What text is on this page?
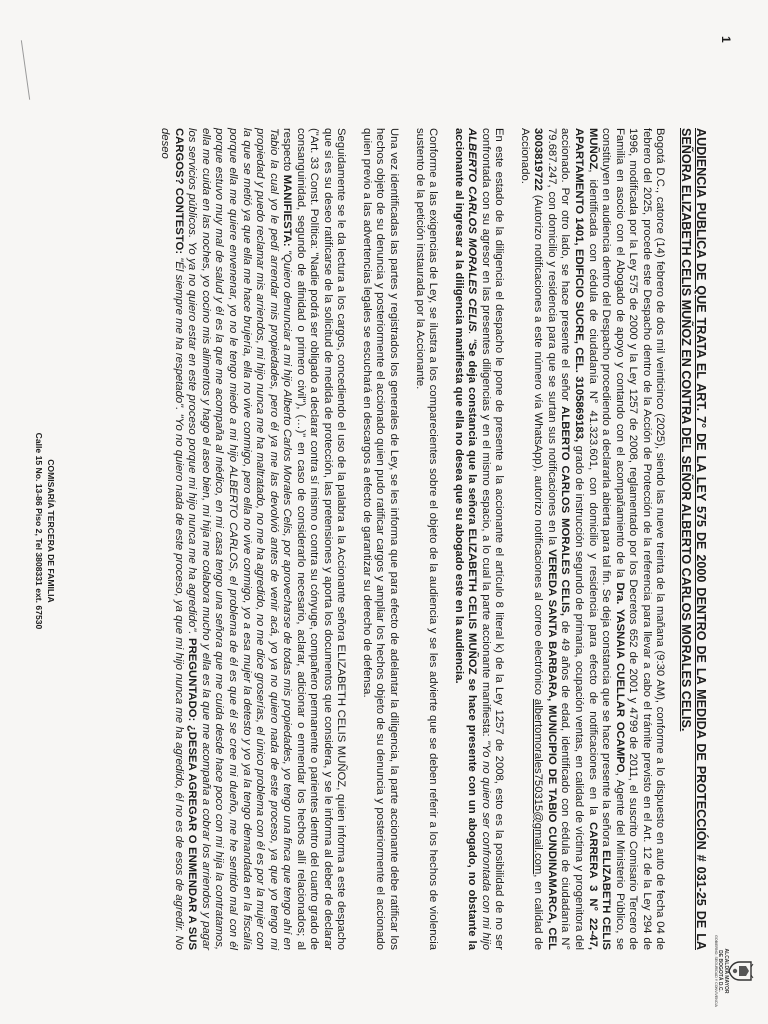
1
ALCALDÍA MAYOR
DE BOGOTÁ D.C.
GOBIERNO, SEGURIDAD Y CONVIVENCIA
AUDIENCIA PUBLICA DE QUE TRATA EL ART. 7° DE LA LEY 575 DE 2000 DENTRO DE LA MEDIDA DE PROTECCIÓN # 031-25 DE LA SEÑORA ELIZABETH CELIS MUÑOZ EN CONTRA DEL SEÑOR ALBERTO CARLOS MORALES CELIS.

Bogotá D.C., catorce (14) febrero de dos mil veinticinco (2025), siendo las nueve treinta de la mañana (9:30 AM), conforme a lo dispuesto en auto de fecha 04 de febrero del 2025, procede este Despacho dentro de la Acción de Protección de la referencia para llevar a cabo el trámite previsto en el Art. 12 de la Ley 294 de 1996, modificada por la Ley 575 de 2000 y la Ley 1257 de 2008, reglamentado por los Decretos 652 de 2001 y 4799 de 2011, el suscrito Comisario Tercero de Familia en asocio con el Abogado de apoyo y contando con el acompañamiento de la Dra. YASNAIA CUELLAR OCAMPO, Agente del Ministerio Público, se constituyen en audiencia dentro del Despacho procediendo a declararla abierta para tal fin. Se deja constancia que se hace presente la señora ELIZABETH CELIS MUÑOZ, identificada con cédula de ciudadanía N° 41.323.601, con domicilio y residencia para efecto de notificaciones en la CARRERA 3 N° 22-47, APARTAMENTO 1401, EDIFICIO SUCRE, CEL. 3105869183, grado de instrucción segundo de primaria, ocupación ventas, en calidad de víctima y progenitora del accionado. Por otro lado, se hace presente el señor ALBERTO CARLOS MORALES CELIS, de 49 años de edad, identificado con cédula de ciudadanía N° 79.687.247, con domicilio y residencia para que se surtan sus notificaciones en la VEREDA SANTA BARBARA, MUNICIPIO DE TABIO CUNDINAMARCA, CEL 3003819722 (Autorizo notificaciones a este número vía WhatsApp), autorizo notificaciones al correo electrónico albertomorales750315@gmail.com, en calidad de Accionado.

En este estado de la diligencia el despacho le pone de presente a la accionante el artículo 8 literal k) de la Ley 1257 de 2008, esto es la posibilidad de no ser confrontada con su agresor en las presentes diligencias y en el mismo espacio, a lo cual la parte accionante manifiesta: "Yo no quiero ser confrontada con mi hijo ALBERTO CARLOS MORALES CELIS. "Se deja constancia que la señora ELIZABETH CELIS MUÑOZ se hace presente con un abogado, no obstante la accionante al ingresar a la diligencia manifiesta que ella no desea que su abogado este en la audiencia.

Conforme a las exigencias de Ley, se ilustra a los comparecientes sobre el objeto de la audiencia y se les advierte que se deben referir a los hechos de violencia sustento de la petición instaurada por la Accionante.

Una vez identificadas las partes y registrados los generales de Ley, se les informa que para efecto de adelantar la diligencia, la parte accionante debe ratificar los hechos objeto de su denuncia y posteriormente el accionado quien pudo ratificar cargos y ampliar los hechos objeto de su denuncia y posteriormente el accionado quien previo a las advertencias legales se escuchará en descargos a efecto de garantizar su derecho de defensa.

Seguidamente se le da lectura a los cargos, concediendo el uso de la palabra a la Accionante señora ELIZABETH CELIS MUÑOZ, quien informa a este despacho que si es su deseo ratificarse de la solicitud de medida de protección, las pretensiones y aporta los documentos que considera, y se le informa al deber de declarar ("Art. 33 Const. Política: "Nadie podrá ser obligado a declarar contra sí mismo o contra su cónyuge, compañero permanente o parientes dentro del cuarto grado de consanguinidad, segundo de afinidad o primero civil"), (…)" en caso de considerarlo necesario, aclarar, adicionar o enmendar los hechos allí relacionados; al respecto MANIFIESTA: "Quiero denunciar a mi hijo Alberto Carlos Morales Celis, por aprovecharse de todas mis propiedades, yo tengo una finca que tengo ahí en Tabio la cual yo le pedí arrendar mis propiedades, pero él ya me las devolvió antes de venir acá, yo ya no quiero nada de este proceso, ya que yo tengo mi propiedad y puedo reclamar mis arriendos, mi hijo nunca me ha maltratado, no me ha agredido, no me dice groserías, el único problema con él es por la mujer con la que se metió ya que ella me hace brujería, ella no vive conmigo, pero ella no vive conmigo, yo a esa mujer la detesto y yo ya la tengo demandada en la fiscalía porque ella me quiere envenenar, yo no le tengo miedo a mi hijo ALBERTO CARLOS, el problema de él es que él se cree mi dueño, me he sentido mal con él porque estuvo muy mal de salud y él es la que me acompaña al médico, en mi casa tengo una señora que me cuida desde hace poco con mi hija la contratamos, ella me cuida en las noches, yo cocino mis alimentos y hago el aseo bien, mi hija me colabora mucho y ella es la que me acompaña a cobrar los arriendos y pagar los servicios públicos. Yo ya no quiero estar en este proceso porque mi hijo nunca me ha agredido". PREGUNTADO: ¿DESEA AGREGAR O ENMENDAR A SUS CARGOS? CONTESTO: "Él siempre me ha respetado". "Yo no quiero nada de este proceso, ya que mi hijo nunca me ha agredido, él no es de esos de agredir. No deseo

COMISARÍA TERCERA DE FAMILIA
Calle 15 No. 13-86 Piso 2, Tel 3808331 ext. 67530
